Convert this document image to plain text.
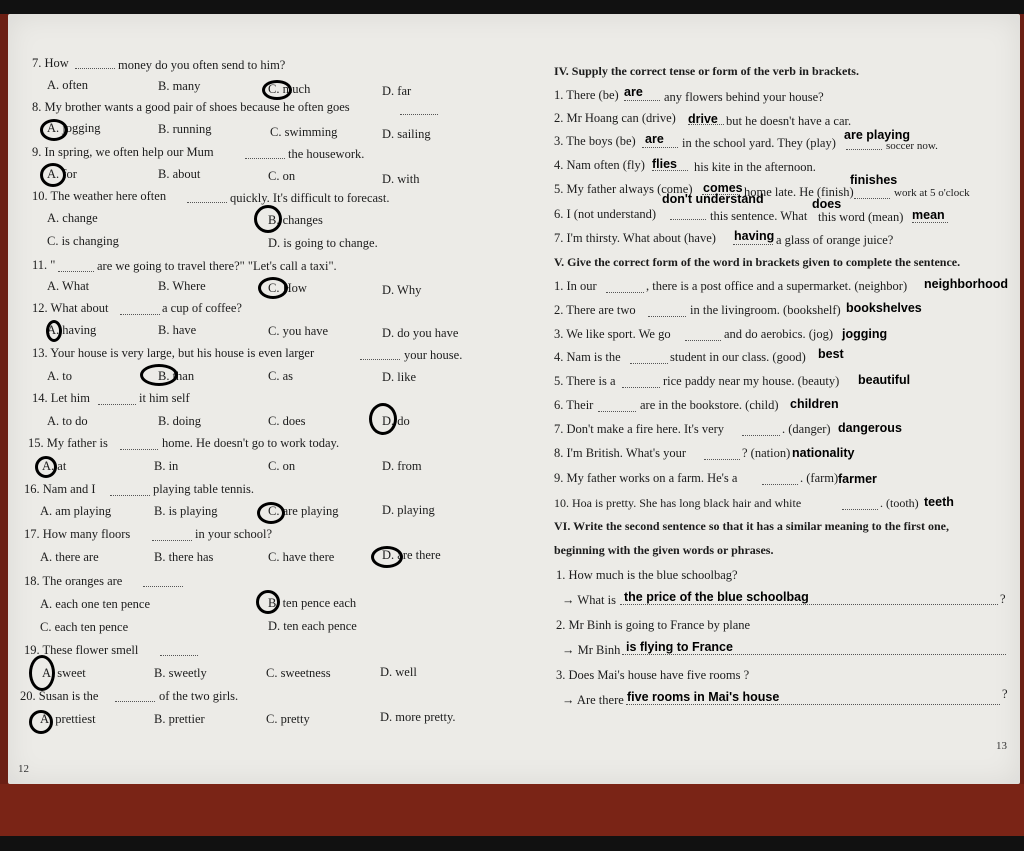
7. How	money do you often send to him?
A. often	B. many	C. much	D. far
8. My brother wants a good pair of shoes because he often goes
A. jogging	B. running	C. swimming	D. sailing
9. In spring, we often help our Mum	the housework.
A. for	B. about	C. on	D. with
10. The weather here often	quickly. It's difficult to forecast.
A. change	B. changes
C. is changing	D. is going to change.
11. "	are we going to travel there?" "Let's call a taxi".
A. What	B. Where	C. How	D. Why
12. What about	a cup of coffee?
A. having	B. have	C. you have	D. do you have
13. Your house is very large, but his house is even larger	your house.
A. to	B. than	C. as	D. like
14. Let him	it him self
A. to do	B. doing	C. does	D. do
15. My father is	home. He doesn't go to work today.
A. at	B. in	C. on	D. from
16. Nam and I	playing table tennis.
A. am playing	B. is playing	C. are playing	D. playing
17. How many floors	in your school?
A. there are	B. there has	C. have there	D. are there
18. The oranges are
A. each one ten pence	B. ten pence each
C. each ten pence	D. ten each pence
19. These flower smell
A. sweet	B. sweetly	C. sweetness	D. well
20. Susan is the	of the two girls.
A. prettiest	B. prettier	C. pretty	D. more pretty.
12
IV. Supply the correct tense or form of the verb in brackets.
1. There (be) are any flowers behind your house?
2. Mr Hoang can (drive) drive but he doesn't have a car.
3. The boys (be) are in the school yard. They (play)
are playing
soccer now.
4. Nam often (fly) flies his kite in the afternoon.
5. My father always (come) comes home late. He (finish)
finishes
work at 5 o'clock
6. I (not understand)
don't understand
this sentence. What
does
this word (mean) mean
7. I'm thirsty. What about (have) having a glass of orange juice?
V. Give the correct form of the word in brackets given to complete the sentence.
1. In our	, there is a post office and a supermarket. (neighbor) neighborhood
2. There are two	in the livingroom. (bookshelf) bookshelves
3. We like sport. We go	and do aerobics. (jog) jogging
4. Nam is the	student in our class. (good) best
5. There is a	rice paddy near my house. (beauty) beautiful
6. Their	are in the bookstore. (child) children
7. Don't make a fire here. It's very	. (danger) dangerous
8. I'm British. What's your	? (nation) nationality
9. My father works on a farm. He's a	. (farm) farmer
10. Hoa is pretty. She has long black hair and white	. (tooth) teeth
VI. Write the second sentence so that it has a similar meaning to the first one,
beginning with the given words or phrases.
1. How much is the blue schoolbag?
→ What is the price of the blue schoolbag	?
2. Mr Binh is going to France by plane
→ Mr Binh is flying to France
3. Does Mai's house have five rooms ?
→ Are there five rooms in Mai's house	?
13
